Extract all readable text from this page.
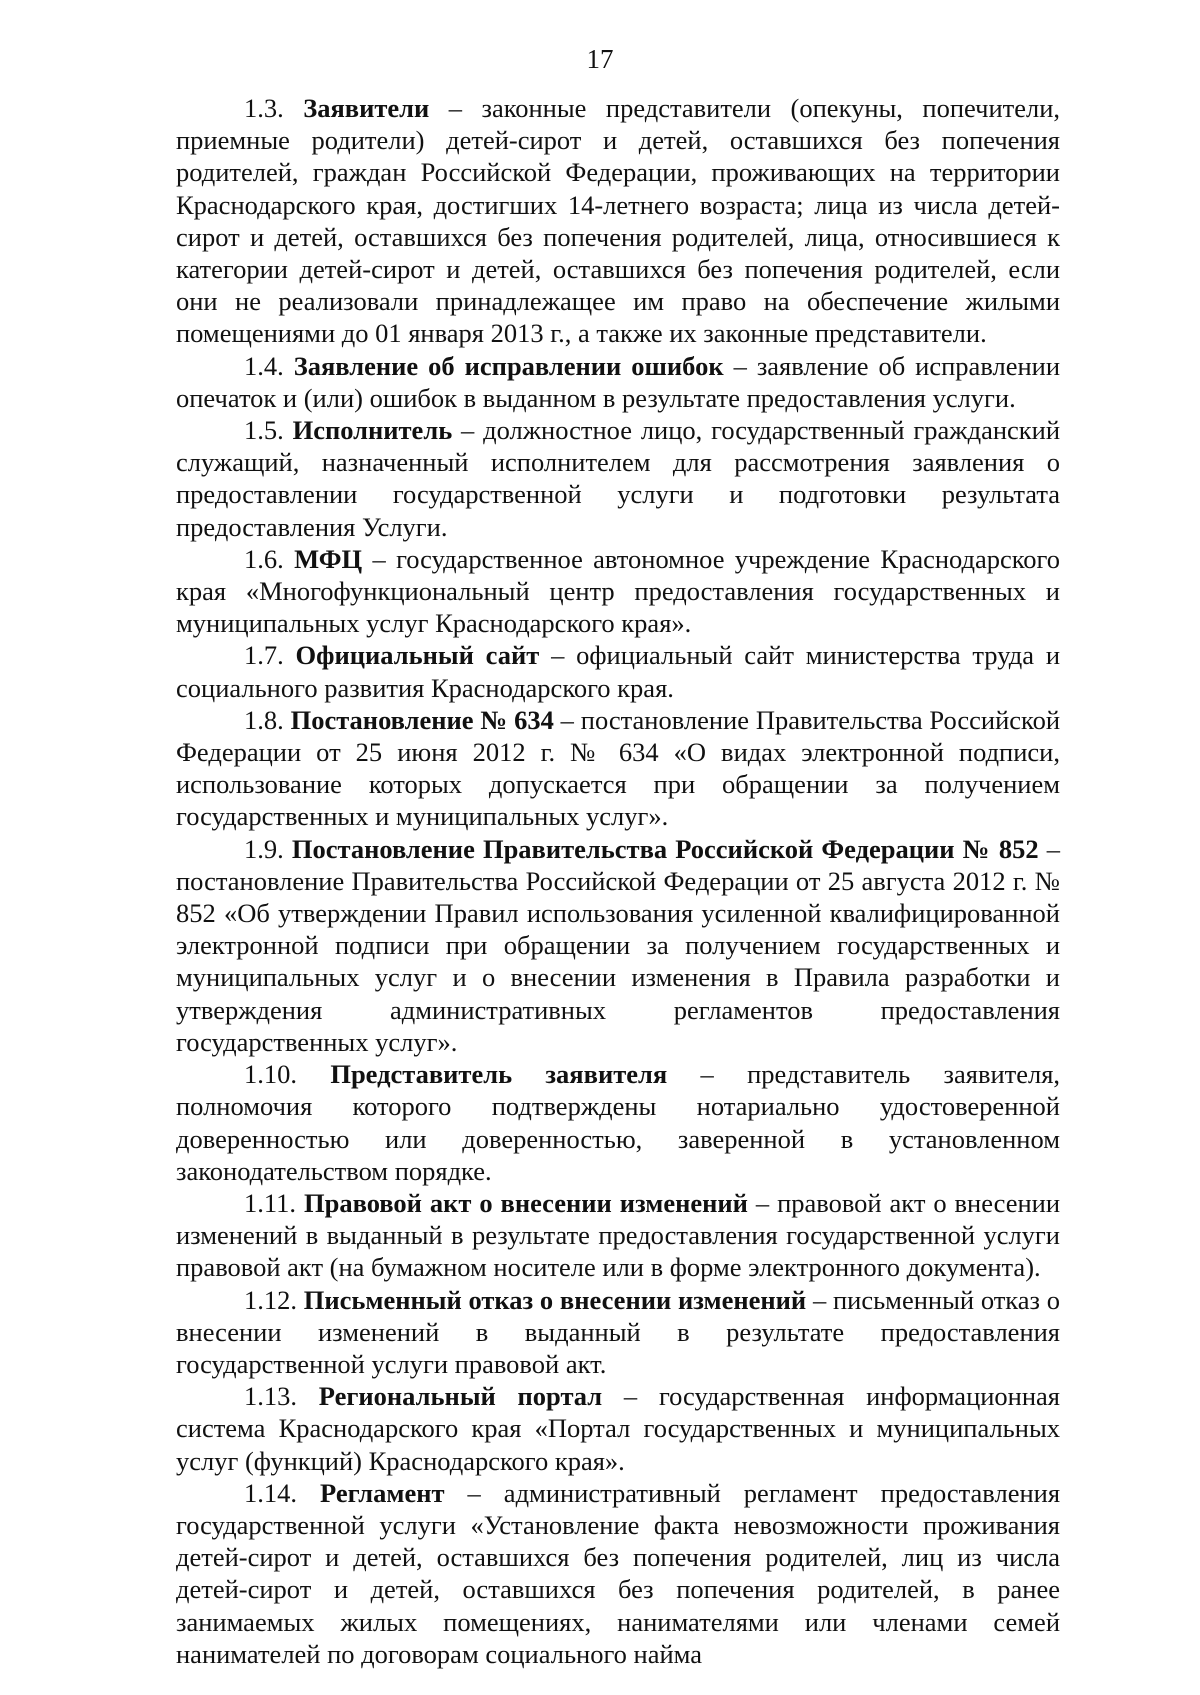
17

1.3. Заявители – законные представители (опекуны, попечители, приемные родители) детей-сирот и детей, оставшихся без попечения родителей, граждан Российской Федерации, проживающих на территории Краснодарского края, достигших 14-летнего возраста; лица из числа детей-сирот и детей, оставшихся без попечения родителей, лица, относившиеся к категории детей-сирот и детей, оставшихся без попечения родителей, если они не реализовали принадлежащее им право на обеспечение жилыми помещениями до 01 января 2013 г., а также их законные представители.

1.4. Заявление об исправлении ошибок – заявление об исправлении опечаток и (или) ошибок в выданном в результате предоставления услуги.

1.5. Исполнитель – должностное лицо, государственный гражданский служащий, назначенный исполнителем для рассмотрения заявления о предоставлении государственной услуги и подготовки результата предоставления Услуги.

1.6. МФЦ – государственное автономное учреждение Краснодарского края «Многофункциональный центр предоставления государственных и муниципальных услуг Краснодарского края».

1.7. Официальный сайт – официальный сайт министерства труда и социального развития Краснодарского края.

1.8. Постановление № 634 – постановление Правительства Российской Федерации от 25 июня 2012 г. № 634 «О видах электронной подписи, использование которых допускается при обращении за получением государственных и муниципальных услуг».

1.9. Постановление Правительства Российской Федерации № 852 – постановление Правительства Российской Федерации от 25 августа 2012 г. № 852 «Об утверждении Правил использования усиленной квалифицированной электронной подписи при обращении за получением государственных и муниципальных услуг и о внесении изменения в Правила разработки и утверждения административных регламентов предоставления государственных услуг».

1.10. Представитель заявителя – представитель заявителя, полномочия которого подтверждены нотариально удостоверенной доверенностью или доверенностью, заверенной в установленном законодательством порядке.

1.11. Правовой акт о внесении изменений – правовой акт о внесении изменений в выданный в результате предоставления государственной услуги правовой акт (на бумажном носителе или в форме электронного документа).

1.12. Письменный отказ о внесении изменений – письменный отказ о внесении изменений в выданный в результате предоставления государственной услуги правовой акт.

1.13. Региональный портал – государственная информационная система Краснодарского края «Портал государственных и муниципальных услуг (функций) Краснодарского края».

1.14. Регламент – административный регламент предоставления государственной услуги «Установление факта невозможности проживания детей-сирот и детей, оставшихся без попечения родителей, лиц из числа детей-сирот и детей, оставшихся без попечения родителей, в ранее занимаемых жилых помещениях, нанимателями или членами семей нанимателей по договорам социального найма
